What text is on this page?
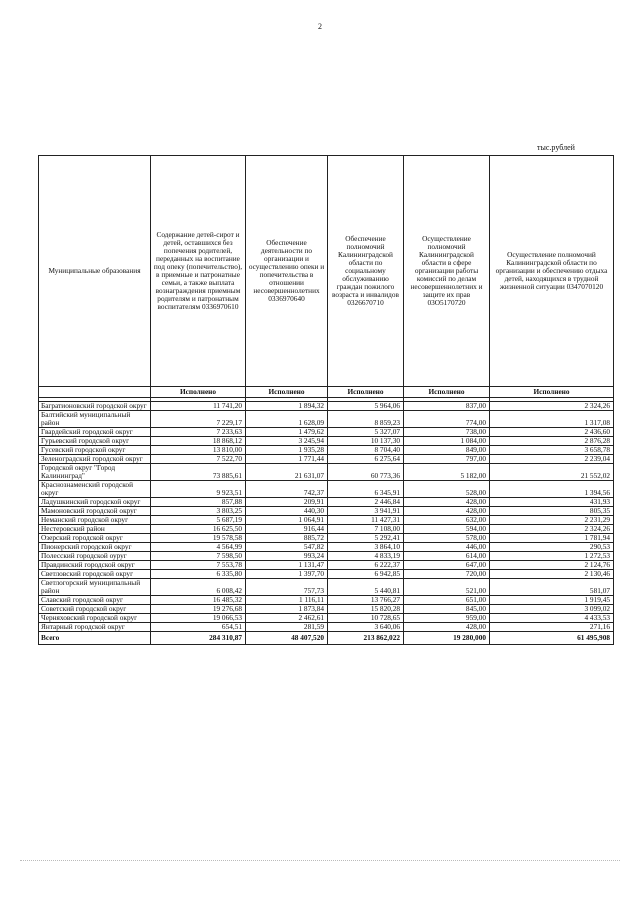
2
тыс.рублей
Муниципальные образования	Содержание детей-сирот и детей, оставшихся без попечения родителей, переданных на воспитание под опеку (попечительство), в приемные и патронатные семьи, а также выплата вознаграждения приемным родителям и патронатным воспитателям 0336970610	Обеспечение деятельности по организации и осуществлению опеки и попечительства в отношении несовершеннолетних 0336970640	Обеспечение полномочий Калининградской области по социальному обслуживанию граждан пожилого возраста и инвалидов 0326670710	Осуществление полномочий Калининградской области в сфере организации работы комиссий по делам несовершеннолетних и защите их прав 03О5170720	Осуществление полномочий Калининградской области по организации и обеспечению отдыха детей, находящихся в трудной жизненной ситуации 0347070120
	Исполнено	Исполнено	Исполнено	Исполнено	Исполнено

Багратионовский городской округ	11 741,20	1 894,32	5 964,06	837,00	2 324,26
Балтийский муниципальный район	7 229,17	1 628,09	8 859,23	774,00	1 317,08
Гвардейский городской округ	7 233,63	1 479,62	5 327,07	738,00	2 436,60
Гурьевский городской округ	18 868,12	3 245,94	10 137,30	1 084,00	2 876,28
Гусевский городской округ	13 810,00	1 935,28	8 704,40	849,00	3 658,78
Зеленоградский городской округ	7 522,70	1 771,44	6 275,64	797,00	2 239,04
Городской округ "Город Калининград"	73 885,61	21 631,07	60 773,36	5 182,00	21 552,02
Краснознаменский городской округ	9 923,51	742,37	6 345,91	528,00	1 394,56
Ладушкинский городской округ	857,88	209,91	2 446,84	428,00	431,93
Мамоновский городской округ	3 803,25	440,30	3 941,91	428,00	805,35
Неманский городской округ	5 687,19	1 064,91	11 427,31	632,00	2 231,29
Нестеровский район	16 625,50	916,44	7 108,00	594,00	2 324,26
Озерский городской округ	19 578,58	885,72	5 292,41	578,00	1 781,94
Пионерский городской округ	4 564,99	547,82	3 864,10	446,00	290,53
Полесский городской оуруг	7 598,50	993,24	4 833,19	614,00	1 272,53
Правдинский городской округ	7 553,78	1 131,47	6 222,37	647,00	2 124,76
Светловский городской округ	6 335,80	1 397,70	6 942,85	720,00	2 130,46
Светлогорский муниципальный район	6 008,42	757,73	5 440,81	521,00	581,07
Славский городской округ	16 485,32	1 116,11	13 766,27	651,00	1 919,45
Советский городской округ	19 276,68	1 873,84	15 820,28	845,00	3 099,02
Черняховский городской округ	19 066,53	2 462,61	10 728,65	959,00	4 433,53
Янтарный городской округ	654,51	281,59	3 640,06	428,00	271,16
Всего	284 310,87	48 407,520	213 862,022	19 280,000	61 495,908
